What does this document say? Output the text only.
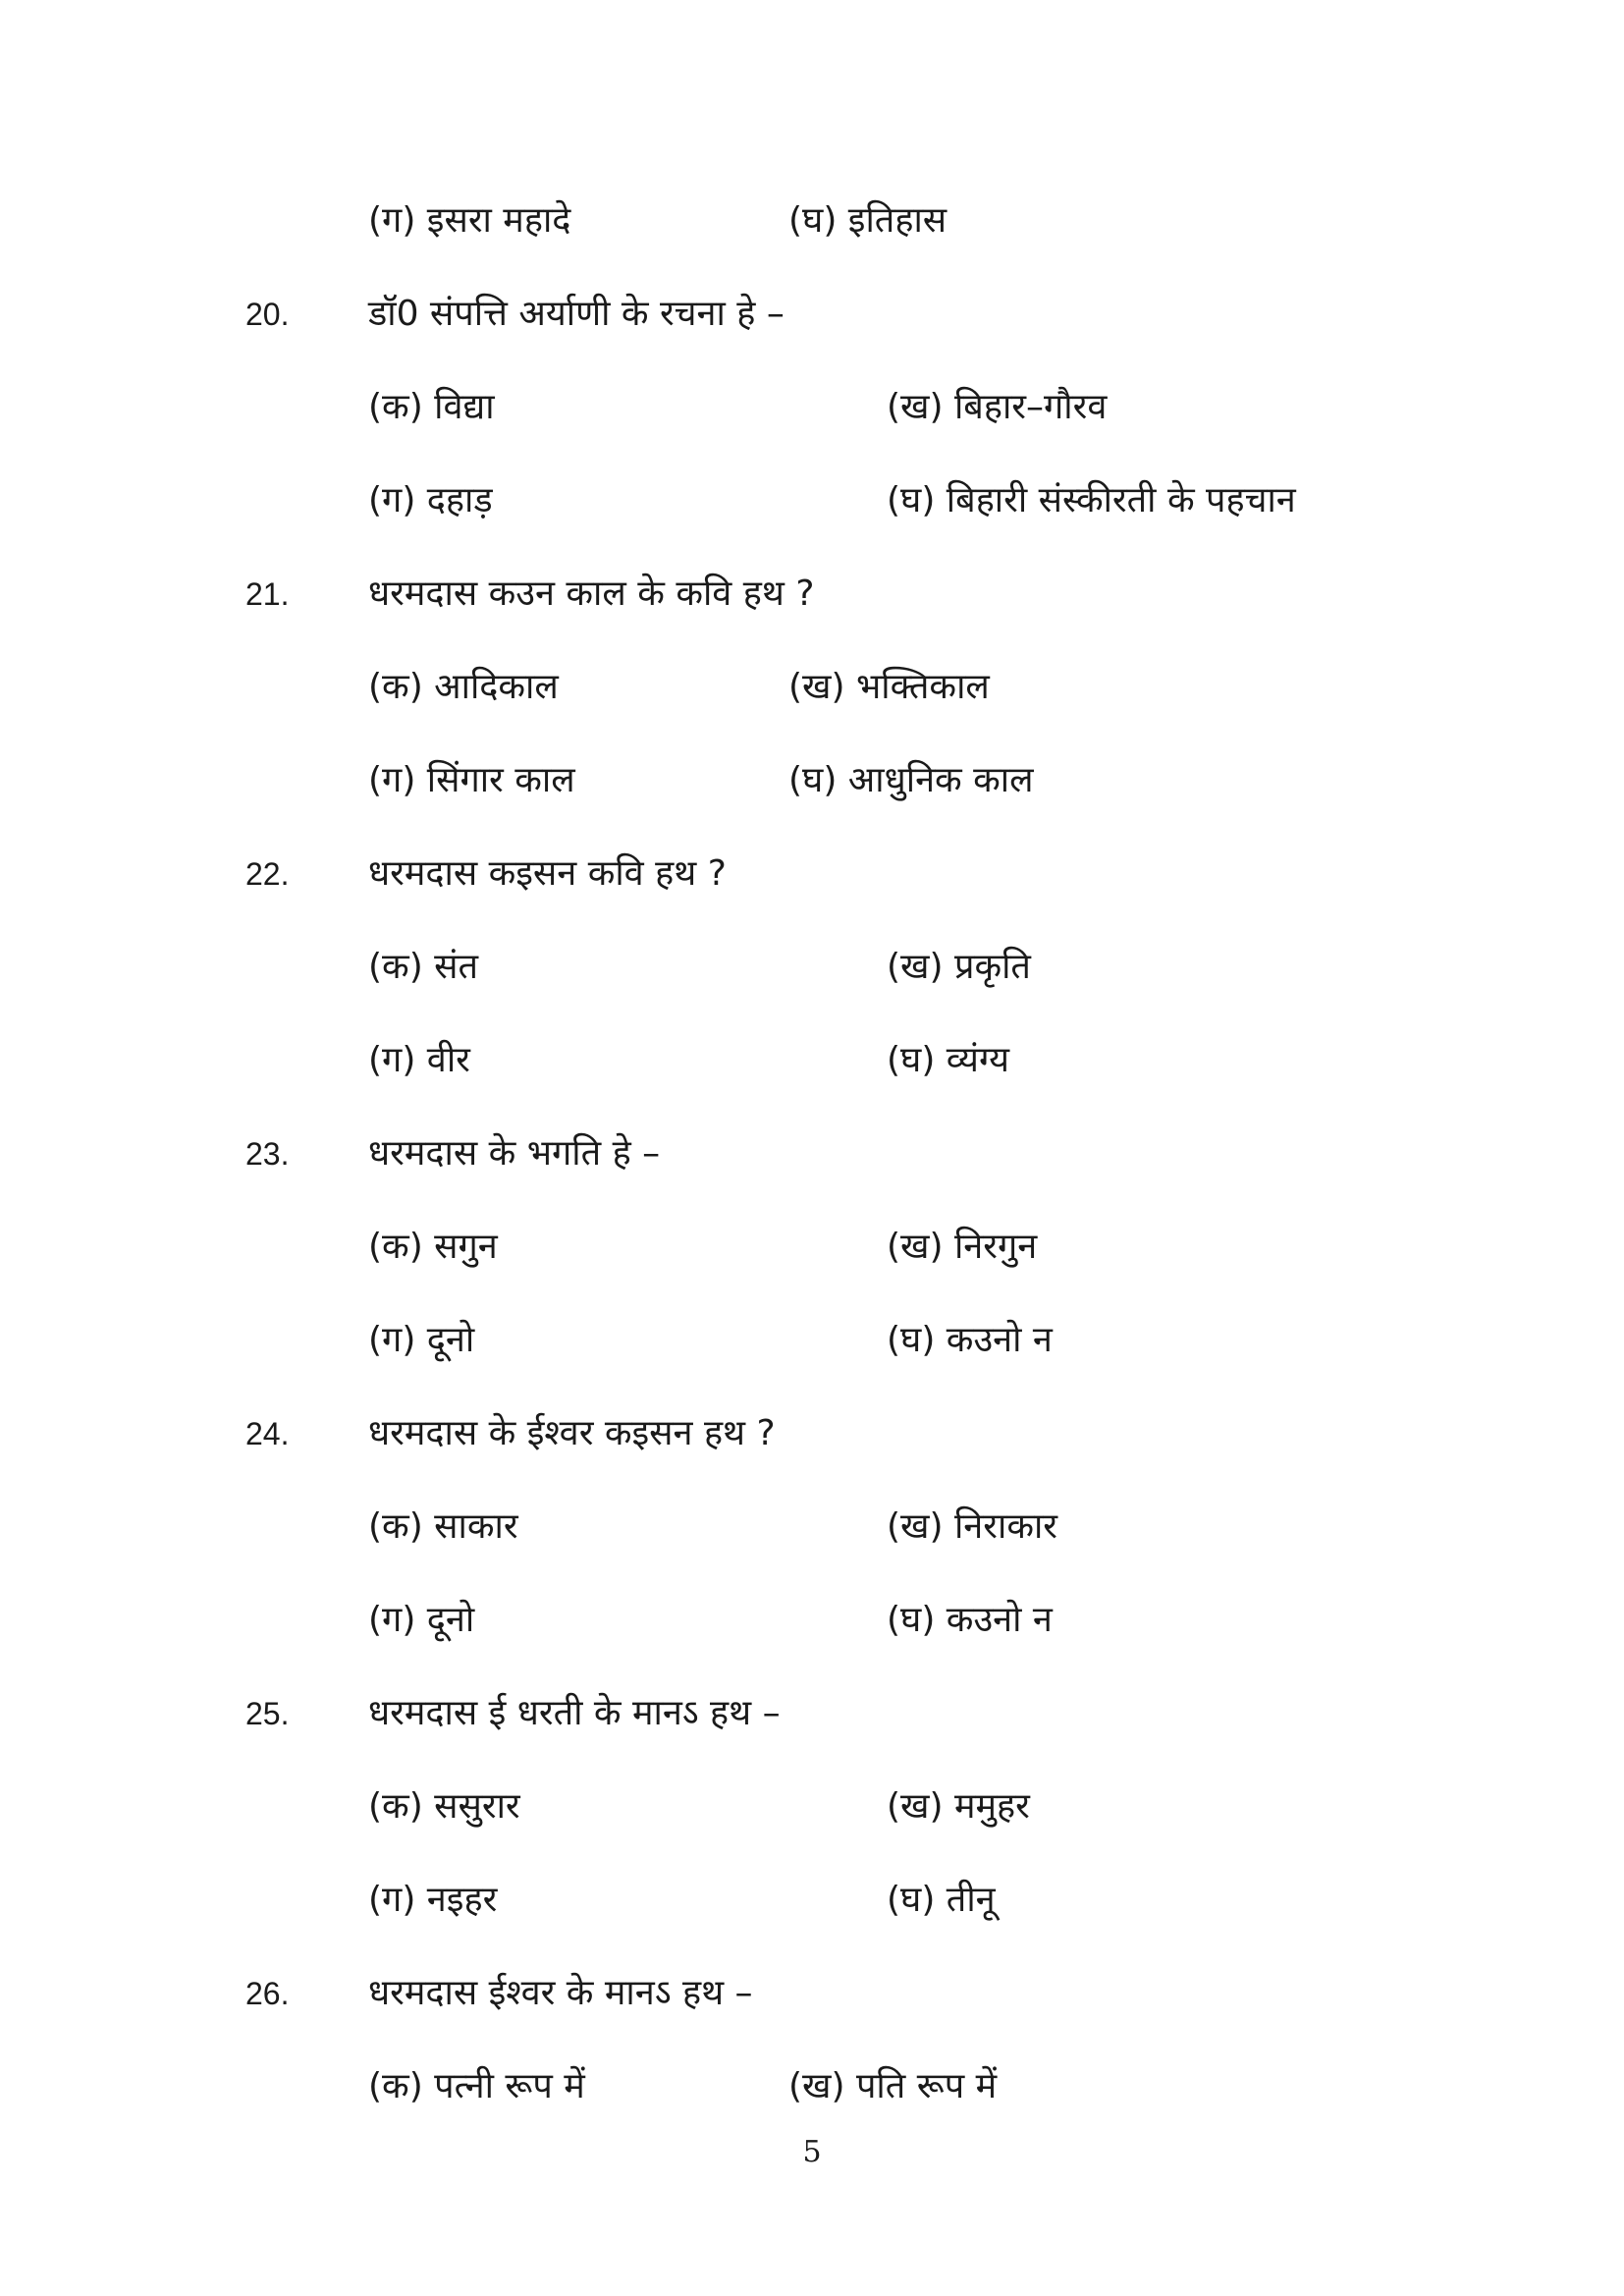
(ग) इसरा महादे	(घ) इतिहास
20. डॉ0 संपत्ति अर्याणी के रचना हे –
(क) विद्या	(ख) बिहार–गौरव
(ग) दहाड़	(घ) बिहारी संस्कीरती के पहचान
21. धरमदास कउन काल के कवि हथ ?
(क) आदिकाल	(ख) भक्तिकाल
(ग) सिंगार काल	(घ) आधुनिक काल
22. धरमदास कइसन कवि हथ ?
(क) संत	(ख) प्रकृति
(ग) वीर	(घ) व्यंग्य
23. धरमदास के भगति हे –
(क) सगुन	(ख) निरगुन
(ग) दूनो	(घ) कउनो न
24. धरमदास के ईश्वर कइसन हथ ?
(क) साकार	(ख) निराकार
(ग) दूनो	(घ) कउनो न
25. धरमदास ई धरती के मानऽ हथ –
(क) ससुरार	(ख) ममुहर
(ग) नइहर	(घ) तीनू
26. धरमदास ईश्वर के मानऽ हथ –
(क) पत्नी रूप में	(ख) पति रूप में
5
